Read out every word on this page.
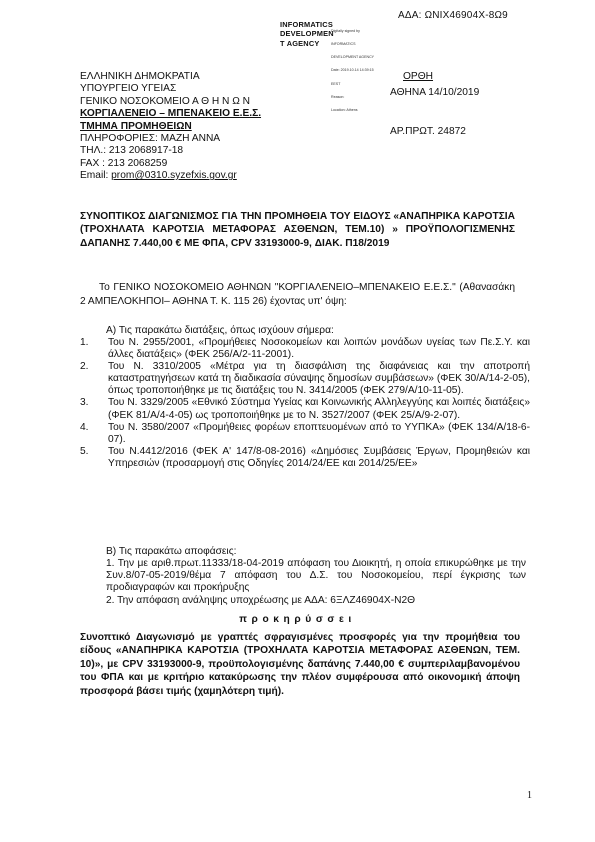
ΑΔΑ: ΩΝΙΧ46904Χ-8Ω9
INFORMATICS
DEVELOPMEN
T AGENCY

Digitally signed by

INFORMATICS

DEVELOPMENT AGENCY

Date: 2019.10.14 14:39:15

EEST

Reason:

Location: Athens

ΕΛΛΗΝΙΚΗ ΔΗΜΟΚΡΑΤΙΑ
ΥΠΟΥΡΓΕΙΟ ΥΓΕΙΑΣ
ΓΕΝΙΚΟ ΝΟΣΟΚΟΜΕΙΟ Α Θ Η Ν Ω Ν
ΚΟΡΓΙΑΛΕΝΕΙΟ – ΜΠΕΝΑΚΕΙΟ Ε.Ε.Σ.
ΤΜΗΜΑ ΠΡΟΜΗΘΕΙΩΝ
ΠΛΗΡΟΦΟΡΙΕΣ: ΜΑΖΗ ΑΝΝΑ
ΤΗΛ.: 213 2068917-18
FAX : 213 2068259
Email: prom@0310.syzefxis.gov.gr
ΟΡΘΗ
ΑΘΗΝΑ 14/10/2019
ΑΡ.ΠΡΩΤ. 24872
ΣΥΝΟΠΤΙΚΟΣ ΔΙΑΓΩΝΙΣΜΟΣ ΓΙΑ ΤΗΝ ΠΡΟΜΗΘΕΙΑ ΤΟΥ ΕΙΔΟΥΣ «ΑΝΑΠΗΡΙΚΑ ΚΑΡΟΤΣΙΑ (ΤΡΟΧΗΛΑΤΑ ΚΑΡΟΤΣΙΑ ΜΕΤΑΦΟΡΑΣ ΑΣΘΕΝΩΝ, ΤΕΜ.10) » ΠΡΟΫΠΟΛΟΓΙΣΜΕΝΗΣ ΔΑΠΑΝΗΣ 7.440,00 € ΜΕ ΦΠΑ, CPV 33193000-9, ΔΙΑΚ. Π18/2019
Το ΓΕΝΙΚΟ ΝΟΣΟΚΟΜΕΙΟ ΑΘΗΝΩΝ "ΚΟΡΓΙΑΛΕΝΕΙΟ–ΜΠΕΝΑΚΕΙΟ Ε.Ε.Σ." (Αθανασάκη 2 ΑΜΠΕΛΟΚΗΠΟΙ– ΑΘΗΝΑ Τ. Κ. 115 26) έχοντας υπ' όψη:
Α) Τις παρακάτω διατάξεις, όπως ισχύουν σήμερα:
1. Του Ν. 2955/2001, «Προμήθειες Νοσοκομείων και λοιπών μονάδων υγείας των Πε.Σ.Υ. και άλλες διατάξεις» (ΦΕΚ 256/Α/2-11-2001).
2. Του Ν. 3310/2005 «Μέτρα για τη διασφάλιση της διαφάνειας και την αποτροπή καταστρατηγήσεων κατά τη διαδικασία σύναψης δημοσίων συμβάσεων» (ΦΕΚ 30/Α/14-2-05), όπως τροποποιήθηκε με τις διατάξεις του Ν. 3414/2005 (ΦΕΚ 279/Α/10-11-05).
3. Του Ν. 3329/2005 «Εθνικό Σύστημα Υγείας και Κοινωνικής Αλληλεγγύης και λοιπές διατάξεις» (ΦΕΚ 81/Α/4-4-05) ως τροποποιήθηκε με το Ν. 3527/2007 (ΦΕΚ 25/Α/9-2-07).
4. Του Ν. 3580/2007 «Προμήθειες φορέων εποπτευομένων από το ΥΥΠΚΑ» (ΦΕΚ 134/Α/18-6-07).
5. Του Ν.4412/2016 (ΦΕΚ Α' 147/8-08-2016) «Δημόσιες Συμβάσεις Έργων, Προμηθειών και Υπηρεσιών (προσαρμογή στις Οδηγίες 2014/24/ΕΕ και 2014/25/ΕΕ»
Β) Τις παρακάτω αποφάσεις:
1. Την με αριθ.πρωτ.11333/18-04-2019 απόφαση του Διοικητή, η οποία επικυρώθηκε με την Συν.8/07-05-2019/θέμα 7 απόφαση του Δ.Σ. του Νοσοκομείου, περί έγκρισης των προδιαγραφών και προκήρυξης
2. Την απόφαση ανάληψης υποχρέωσης με ΑΔΑ: 6ΞΛΖ46904Χ-Ν2Θ
προκηρύσσει
Συνοπτικό Διαγωνισμό με γραπτές σφραγισμένες προσφορές για την προμήθεια του είδους «ΑΝΑΠΗΡΙΚΑ ΚΑΡΟΤΣΙΑ (ΤΡΟΧΗΛΑΤΑ ΚΑΡΟΤΣΙΑ ΜΕΤΑΦΟΡΑΣ ΑΣΘΕΝΩΝ, ΤΕΜ. 10)», με CPV 33193000-9, προϋπολογισμένης δαπάνης 7.440,00 € συμπεριλαμβανομένου του ΦΠΑ και με κριτήριο κατακύρωσης την πλέον συμφέρουσα από οικονομική άποψη προσφορά βάσει τιμής (χαμηλότερη τιμή).
1
